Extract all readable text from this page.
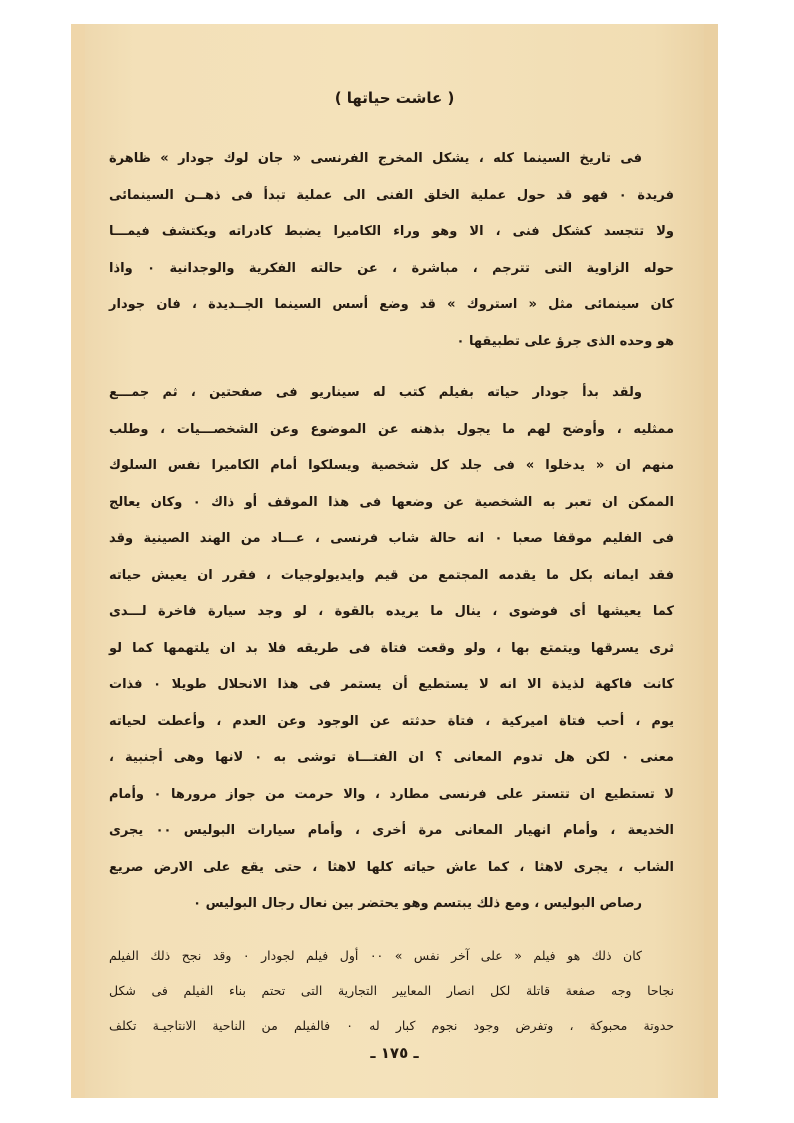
( عاشت حياتها )
فى تاريخ السينما كله ، يشكل المخرج الفرنسى « جان لوك جودار » ظاهرة
فريدة ٠ فهو قد حول عملية الخلق الفنى الى عملية تبدأ فى ذهــن السينمائى
ولا تتجسد كشكل فنى ، الا وهو وراء الكاميرا يضبط كادراته ويكتشف فيمـــا
حوله الزاوية التى تترجم ، مباشرة ، عن حالته الفكرية والوجدانية ٠ واذا
كان سينمائى مثل « استروك » قد وضع أسس السينما الجــديدة ، فان جودار
هو وحده الذى جرؤ على تطبيقها ٠
ولقد بدأ جودار حياته بفيلم كتب له سيناريو فى صفحتين ، ثم جمـــع
ممثليه ، وأوضح لهم ما يجول بذهنه عن الموضوع وعن الشخصـــيات ، وطلب
منهم ان « يدخلوا » فى جلد كل شخصية ويسلكوا أمام الكاميرا نفس السلوك
الممكن ان تعبر به الشخصية عن وضعها فى هذا الموقف أو ذاك ٠ وكان يعالج
فى الفليم موقفا صعبا ٠ انه حالة شاب فرنسى ، عـــاد من الهند الصينية وقد
فقد ايمانه بكل ما يقدمه المجتمع من قيم وايديولوجيات ، فقرر ان يعيش حياته
كما يعيشها أى فوضوى ، ينال ما يريده بالقوة ، لو وجد سيارة فاخرة لـــدى
ثرى يسرقها ويتمتع بها ، ولو وقعت فتاة فى طريقه فلا بد ان يلتهمها كما لو
كانت فاكهة لذيذة الا انه لا يستطيع أن يستمر فى هذا الانحلال طويلا ٠ فذات
يوم ، أحب فتاة اميركية ، فتاة حدثته عن الوجود وعن العدم ، وأعطت لحياته
معنى ٠ لكن هل تدوم المعانى ؟ ان الفتـــاة توشى به ٠ لانها وهى أجنبية ،
لا تستطيع ان تتستر على فرنسى مطارد ، والا حرمت من جواز مرورها ٠ وأمام
الخديعة ، وأمام انهيار المعانى مرة أخرى ، وأمام سيارات البوليس ٠٠ يجرى
الشاب ، يجرى لاهثا ، كما عاش حياته كلها لاهثا ، حتى يقع على الارض صريع
رصاص البوليس ، ومع ذلك يبتسم وهو يحتضر بين نعال رجال البوليس ٠
كان ذلك هو فيلم « على آخر نفس » ٠٠ أول فيلم لجودار ٠ وقد نجح ذلك الفيلم
نجاحا وجه صفعة قاتلة لكل انصار المعايير التجارية التى تحتم بناء الفيلم فى شكل
حدوتة محبوكة ، وتفرض وجود نجوم كبار له ٠ فالفيلم من الناحية الانتاجيـة تكلف
ـ ١٧٥ ـ
